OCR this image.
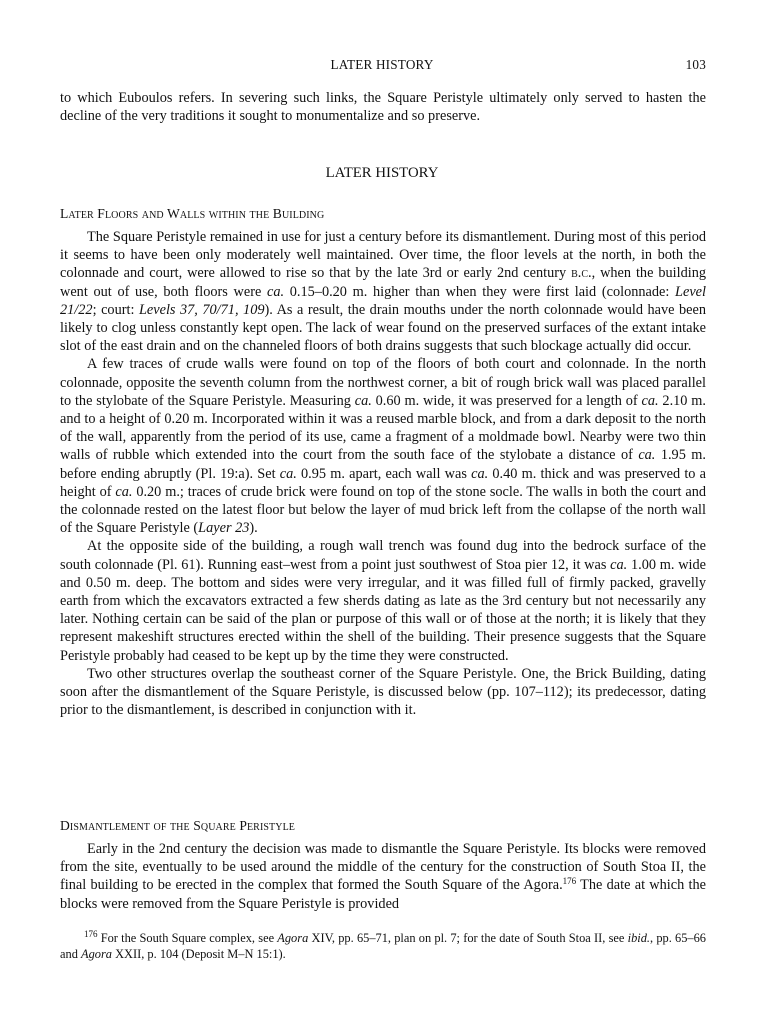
LATER HISTORY	103

to which Euboulos refers. In severing such links, the Square Peristyle ultimately only served to hasten the decline of the very traditions it sought to monumentalize and so preserve.

LATER HISTORY
Later Floors and Walls within the Building

The Square Peristyle remained in use for just a century before its dismantlement. During most of this period it seems to have been only moderately well maintained. Over time, the floor levels at the north, in both the colonnade and court, were allowed to rise so that by the late 3rd or early 2nd century b.c., when the building went out of use, both floors were ca. 0.15–0.20 m. higher than when they were first laid (colonnade: Level 21/22; court: Levels 37, 70/71, 109). As a result, the drain mouths under the north colonnade would have been likely to clog unless constantly kept open. The lack of wear found on the preserved surfaces of the extant intake slot of the east drain and on the channeled floors of both drains suggests that such blockage actually did occur.

A few traces of crude walls were found on top of the floors of both court and colonnade. In the north colonnade, opposite the seventh column from the northwest corner, a bit of rough brick wall was placed parallel to the stylobate of the Square Peristyle. Measuring ca. 0.60 m. wide, it was preserved for a length of ca. 2.10 m. and to a height of 0.20 m. Incorporated within it was a reused marble block, and from a dark deposit to the north of the wall, apparently from the period of its use, came a fragment of a moldmade bowl. Nearby were two thin walls of rubble which extended into the court from the south face of the stylobate a distance of ca. 1.95 m. before ending abruptly (Pl. 19:a). Set ca. 0.95 m. apart, each wall was ca. 0.40 m. thick and was preserved to a height of ca. 0.20 m.; traces of crude brick were found on top of the stone socle. The walls in both the court and the colonnade rested on the latest floor but below the layer of mud brick left from the collapse of the north wall of the Square Peristyle (Layer 23).

At the opposite side of the building, a rough wall trench was found dug into the bedrock surface of the south colonnade (Pl. 61). Running east–west from a point just southwest of Stoa pier 12, it was ca. 1.00 m. wide and 0.50 m. deep. The bottom and sides were very irregular, and it was filled full of firmly packed, gravelly earth from which the excavators extracted a few sherds dating as late as the 3rd century but not necessarily any later. Nothing certain can be said of the plan or purpose of this wall or of those at the north; it is likely that they represent makeshift structures erected within the shell of the building. Their presence suggests that the Square Peristyle probably had ceased to be kept up by the time they were constructed.

Two other structures overlap the southeast corner of the Square Peristyle. One, the Brick Building, dating soon after the dismantlement of the Square Peristyle, is discussed below (pp. 107–112); its predecessor, dating prior to the dismantlement, is described in conjunction with it.

Dismantlement of the Square Peristyle

Early in the 2nd century the decision was made to dismantle the Square Peristyle. Its blocks were removed from the site, eventually to be used around the middle of the century for the construction of South Stoa II, the final building to be erected in the complex that formed the South Square of the Agora.$^{176}$ The date at which the blocks were removed from the Square Peristyle is provided

$^{176}$ For the South Square complex, see Agora XIV, pp. 65–71, plan on pl. 7; for the date of South Stoa II, see ibid., pp. 65–66 and Agora XXII, p. 104 (Deposit M–N 15:1).
